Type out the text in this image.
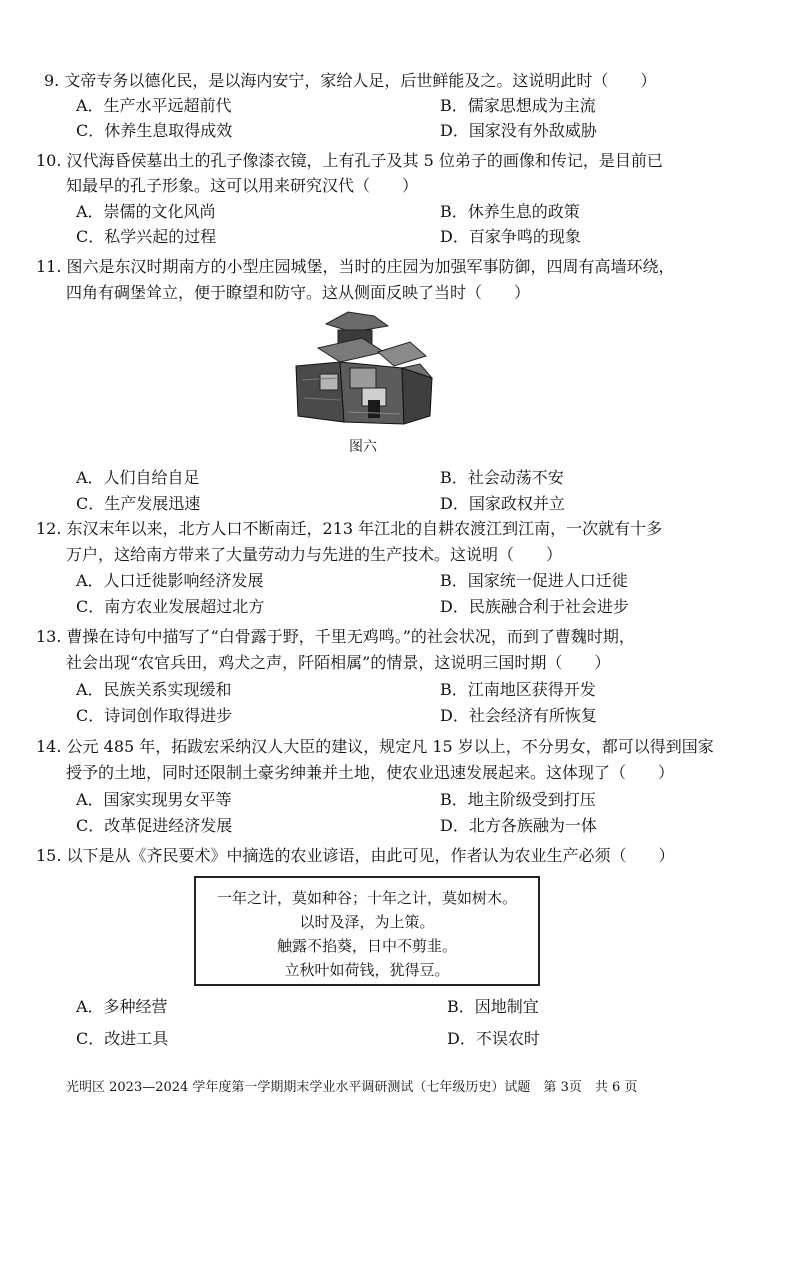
9. 文帝专务以德化民，是以海内安宁，家给人足，后世鲜能及之。这说明此时（　　）
A．生产水平远超前代	B．儒家思想成为主流
C．休养生息取得成效	D．国家没有外敌威胁
10. 汉代海昏侯墓出土的孔子像漆衣镜，上有孔子及其 5 位弟子的画像和传记，是目前已
知最早的孔子形象。这可以用来研究汉代（　　）
A．崇儒的文化风尚	B．休养生息的政策
C．私学兴起的过程	D．百家争鸣的现象
11. 图六是东汉时期南方的小型庄园城堡，当时的庄园为加强军事防御，四周有高墙环绕，
四角有碉堡耸立，便于瞭望和防守。这从侧面反映了当时（　　）
图六
A．人们自给自足	B．社会动荡不安
C．生产发展迅速	D．国家政权并立
12. 东汉末年以来，北方人口不断南迁，213 年江北的自耕农渡江到江南，一次就有十多
万户，这给南方带来了大量劳动力与先进的生产技术。这说明（　　）
A．人口迁徙影响经济发展	B．国家统一促进人口迁徙
C．南方农业发展超过北方	D．民族融合利于社会进步
13. 曹操在诗句中描写了“白骨露于野，千里无鸡鸣。”的社会状况，而到了曹魏时期，
社会出现“农官兵田，鸡犬之声，阡陌相属”的情景，这说明三国时期（　　）
A．民族关系实现缓和	B．江南地区获得开发
C．诗词创作取得进步	D．社会经济有所恢复
14. 公元 485 年，拓跋宏采纳汉人大臣的建议，规定凡 15 岁以上，不分男女，都可以得到国家
授予的土地，同时还限制土豪劣绅兼并土地，使农业迅速发展起来。这体现了（　　）
A．国家实现男女平等	B．地主阶级受到打压
C．改革促进经济发展	D．北方各族融为一体
15. 以下是从《齐民要术》中摘选的农业谚语，由此可见，作者认为农业生产必须（　　）
一年之计，莫如种谷；十年之计，莫如树木。
以时及泽，为上策。
触露不掐葵，日中不剪韭。
立秋叶如荷钱，犹得豆。
A．多种经营	B．因地制宜
C．改进工具	D．不误农时
光明区 2023—2024 学年度第一学期期末学业水平调研测试（七年级历史）试题　第 3页　共 6 页
